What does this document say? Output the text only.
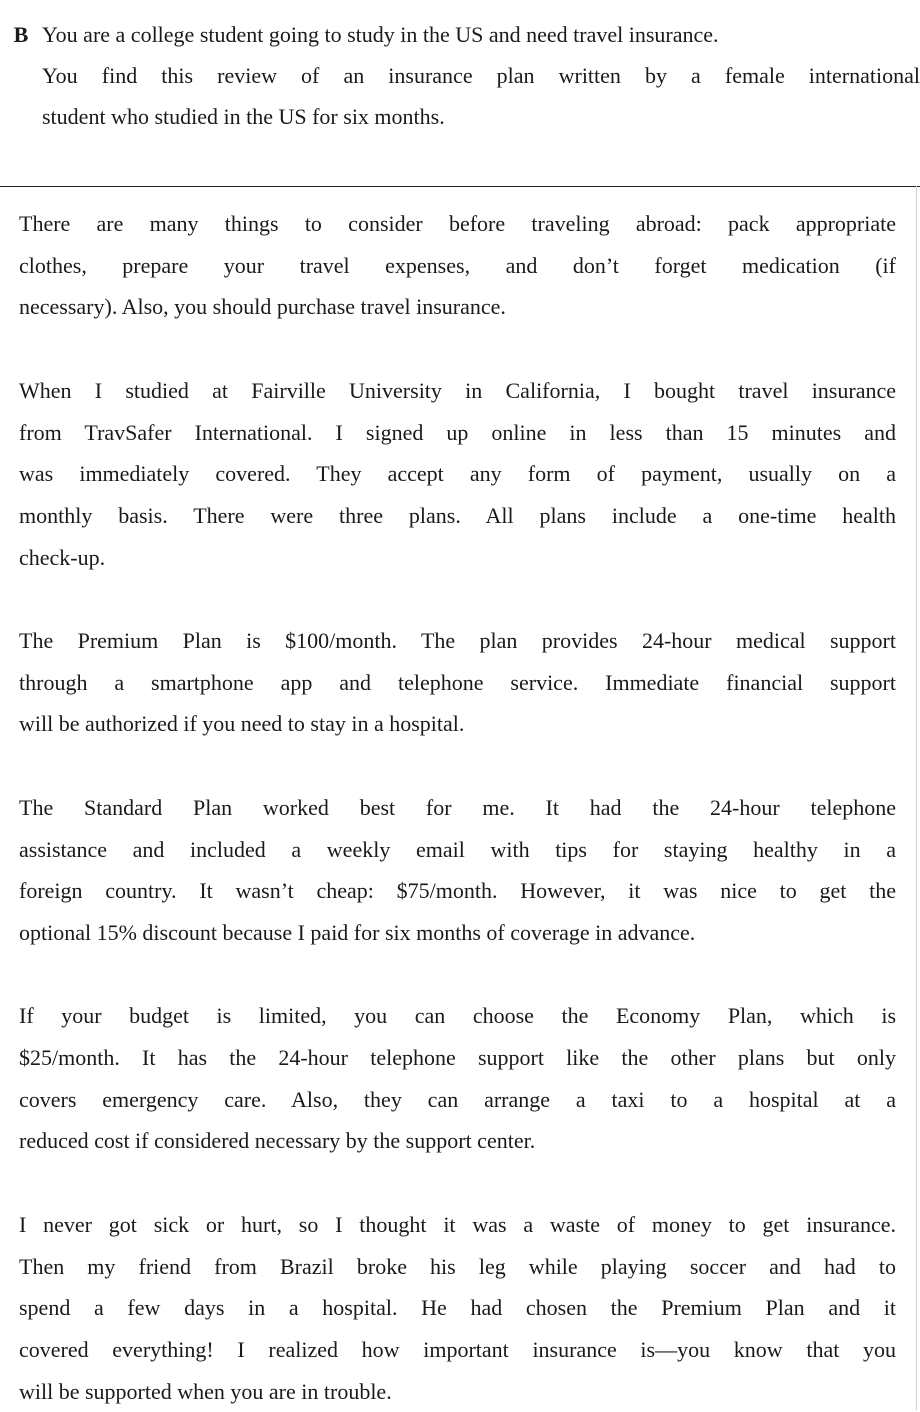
B You are a college student going to study in the US and need travel insurance.
You find this review of an insurance plan written by a female international
student who studied in the US for six months.

There are many things to consider before traveling abroad: pack appropriate
clothes, prepare your travel expenses, and don’t forget medication (if
necessary). Also, you should purchase travel insurance.

When I studied at Fairville University in California, I bought travel insurance
from TravSafer International. I signed up online in less than 15 minutes and
was immediately covered. They accept any form of payment, usually on a
monthly basis. There were three plans. All plans include a one-time health
check-up.

The Premium Plan is $100/month. The plan provides 24-hour medical support
through a smartphone app and telephone service. Immediate financial support
will be authorized if you need to stay in a hospital.

The Standard Plan worked best for me. It had the 24-hour telephone
assistance and included a weekly email with tips for staying healthy in a
foreign country. It wasn’t cheap: $75/month. However, it was nice to get the
optional 15% discount because I paid for six months of coverage in advance.

If your budget is limited, you can choose the Economy Plan, which is
$25/month. It has the 24-hour telephone support like the other plans but only
covers emergency care. Also, they can arrange a taxi to a hospital at a
reduced cost if considered necessary by the support center.

I never got sick or hurt, so I thought it was a waste of money to get insurance.
Then my friend from Brazil broke his leg while playing soccer and had to
spend a few days in a hospital. He had chosen the Premium Plan and it
covered everything! I realized how important insurance is—you know that you
will be supported when you are in trouble.
